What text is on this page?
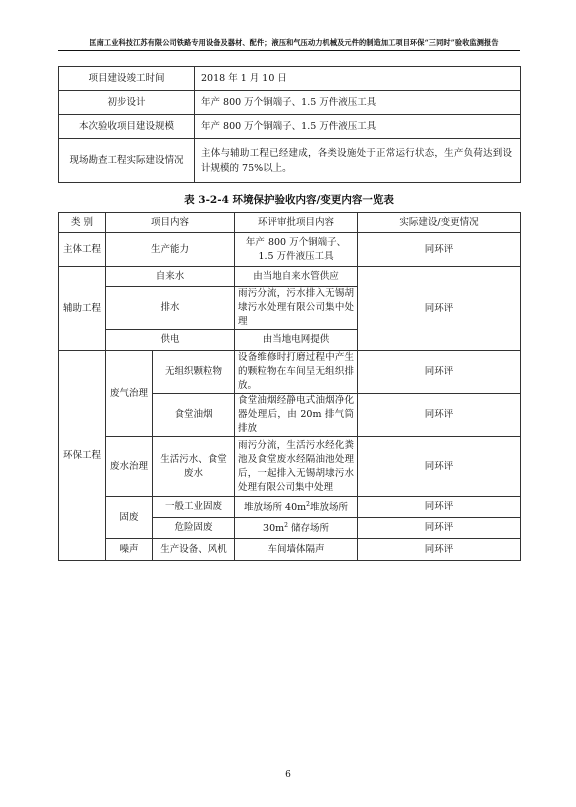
匡南工业科技江苏有限公司铁路专用设备及器材、配件；液压和气压动力机械及元件的制造加工项目环保“三同时”验收监测报告
项目建设竣工时间	2018 年 1 月 10 日
初步设计	年产 800 万个铜端子、1.5 万件液压工具
本次验收项目建设规模	年产 800 万个铜端子、1.5 万件液压工具
现场勘查工程实际建设情况	主体与辅助工程已经建成，各类设施处于正常运行状态，生产负荷达到设计规模的 75%以上。
表 3-2-4 环境保护验收内容/变更内容一览表
类 别	项目内容		环评审批项目内容	实际建设/变更情况
主体工程	生产能力		年产 800 万个铜端子、1.5 万件液压工具	同环评
辅助工程	自来水		由当地自来水管供应	同环评
	排水		雨污分流，污水排入无锡胡埭污水处理有限公司集中处理	
	供电		由当地电网提供	
环保工程	废气治理	无组织颗粒物	设备维修时打磨过程中产生的颗粒物在车间呈无组织排放。	同环评
		食堂油烟	食堂油烟经静电式油烟净化器处理后，由 20m 排气筒排放	同环评
	废水治理	生活污水、食堂废水	雨污分流，生活污水经化粪池及食堂废水经隔油池处理后，一起排入无锡胡埭污水处理有限公司集中处理	同环评
	固废	一般工业固废	堆放场所 $40m^2$堆放场所	同环评
		危险固废	$30m^2$ 储存场所	同环评
	噪声	生产设备、风机	车间墙体隔声	同环评
6
